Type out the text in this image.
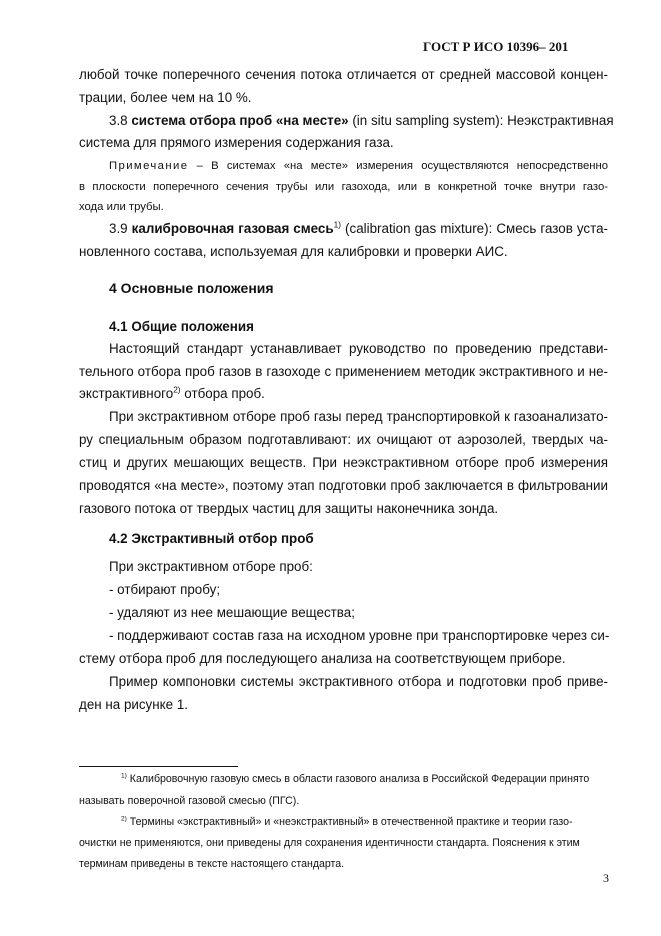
ГОСТ Р ИСО 10396– 201
любой точке поперечного сечения потока отличается от средней массовой концен-
трации, более чем на 10 %.
3.8 система отбора проб «на месте» (in situ sampling system): Неэкстрактивная
система для прямого измерения содержания газа.
Примечание – В системах «на месте» измерения осуществляются непосредственно
в плоскости поперечного сечения трубы или газохода, или в конкретной точке внутри газо-
хода или трубы.
3.9 калибровочная газовая смесь$^{1)}$ (calibration gas mixture): Смесь газов уста-
новленного состава, используемая для калибровки и проверки АИС.
4 Основные положения
4.1 Общие положения
Настоящий стандарт устанавливает руководство по проведению представи-
тельного отбора проб газов в газоходе с применением методик экстрактивного и не-
экстрактивного$^{2)}$ отбора проб.
При экстрактивном отборе проб газы перед транспортировкой к газоанализато-
ру специальным образом подготавливают: их очищают от аэрозолей, твердых ча-
стиц и других мешающих веществ. При неэкстрактивном отборе проб измерения
проводятся «на месте», поэтому этап подготовки проб заключается в фильтровании
газового потока от твердых частиц для защиты наконечника зонда.
4.2 Экстрактивный отбор проб
При экстрактивном отборе проб:
- отбирают пробу;
- удаляют из нее мешающие вещества;
- поддерживают состав газа на исходном уровне при транспортировке через си-
стему отбора проб для последующего анализа на соответствующем приборе.
Пример компоновки системы экстрактивного отбора и подготовки проб приве-
ден на рисунке 1.
$^{1)}$ Калибровочную газовую смесь в области газового анализа в Российской Федерации принято
называть поверочной газовой смесью (ПГС).
$^{2)}$ Термины «экстрактивный» и «неэкстрактивный» в отечественной практике и теории газо-
очистки не применяются, они приведены для сохранения идентичности стандарта. Пояснения к этим
терминам приведены в тексте настоящего стандарта.
3
